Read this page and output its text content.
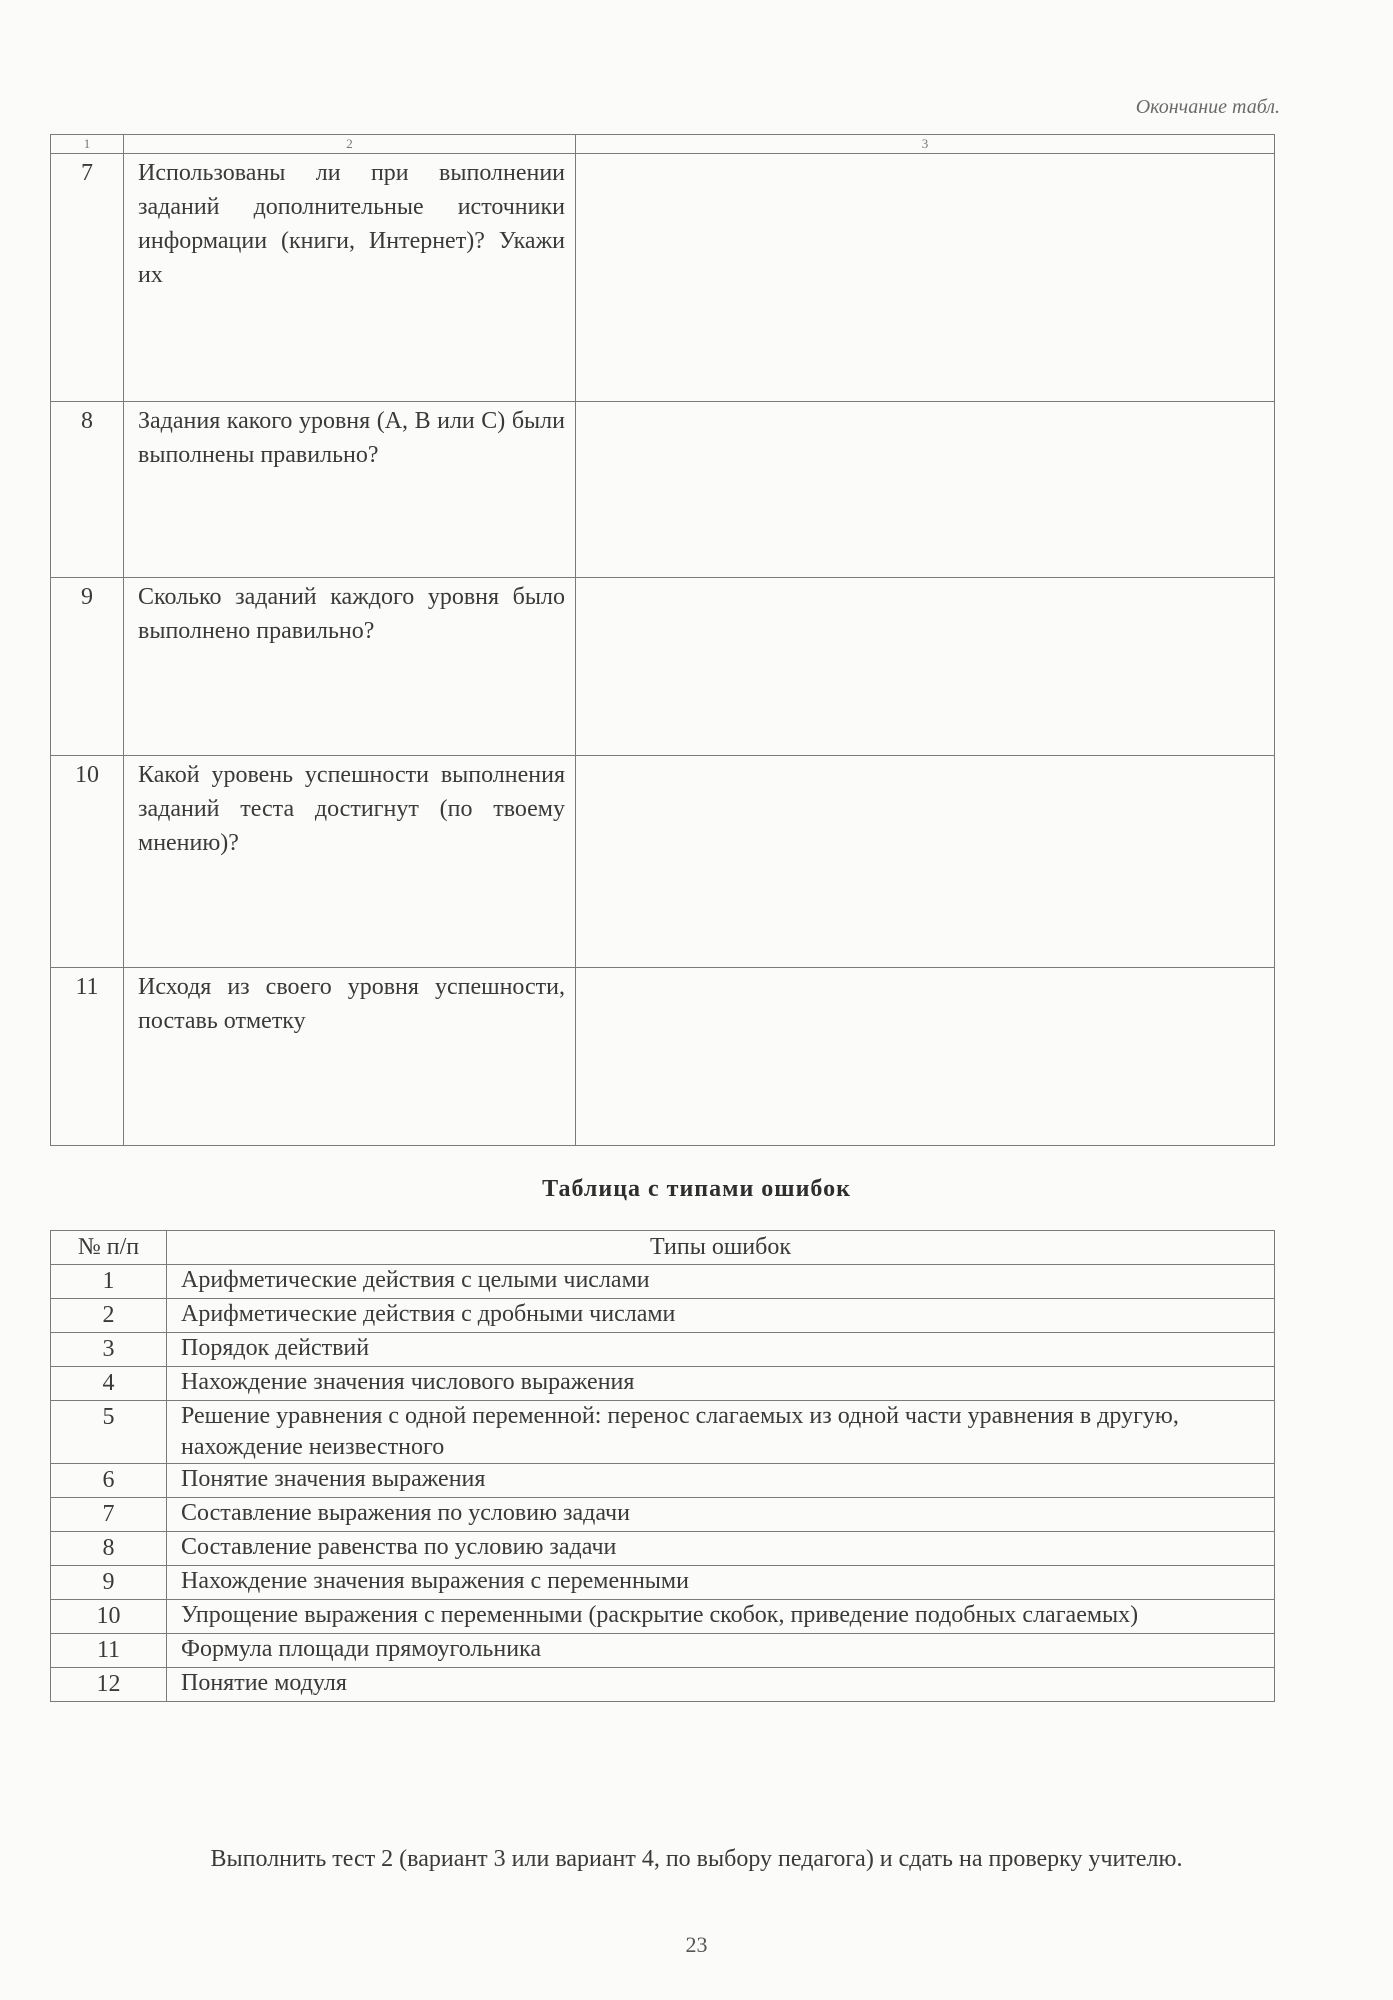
Окончание табл.
1	2	3
7	Использованы ли при выполнении заданий дополнительные источники информации (книги, Интернет)? Укажи их	
8	Задания какого уровня (А, В или С) были выполнены правильно?	
9	Сколько заданий каждого уровня было выполнено правильно?	
10	Какой уровень успешности выполнения заданий теста достигнут (по твоему мнению)?	
11	Исходя из своего уровня успешности, поставь отметку	
Таблица с типами ошибок
№ п/п	Типы ошибок
1	Арифметические действия с целыми числами
2	Арифметические действия с дробными числами
3	Порядок действий
4	Нахождение значения числового выражения
5	Решение уравнения с одной переменной: перенос слагаемых из одной части уравнения в другую, нахождение неизвестного
6	Понятие значения выражения
7	Составление выражения по условию задачи
8	Составление равенства по условию задачи
9	Нахождение значения выражения с переменными
10	Упрощение выражения с переменными (раскрытие скобок, приведение подобных слагаемых)
11	Формула площади прямоугольника
12	Понятие модуля
Выполнить тест 2 (вариант 3 или вариант 4, по выбору педагога) и сдать на проверку учителю.
23
